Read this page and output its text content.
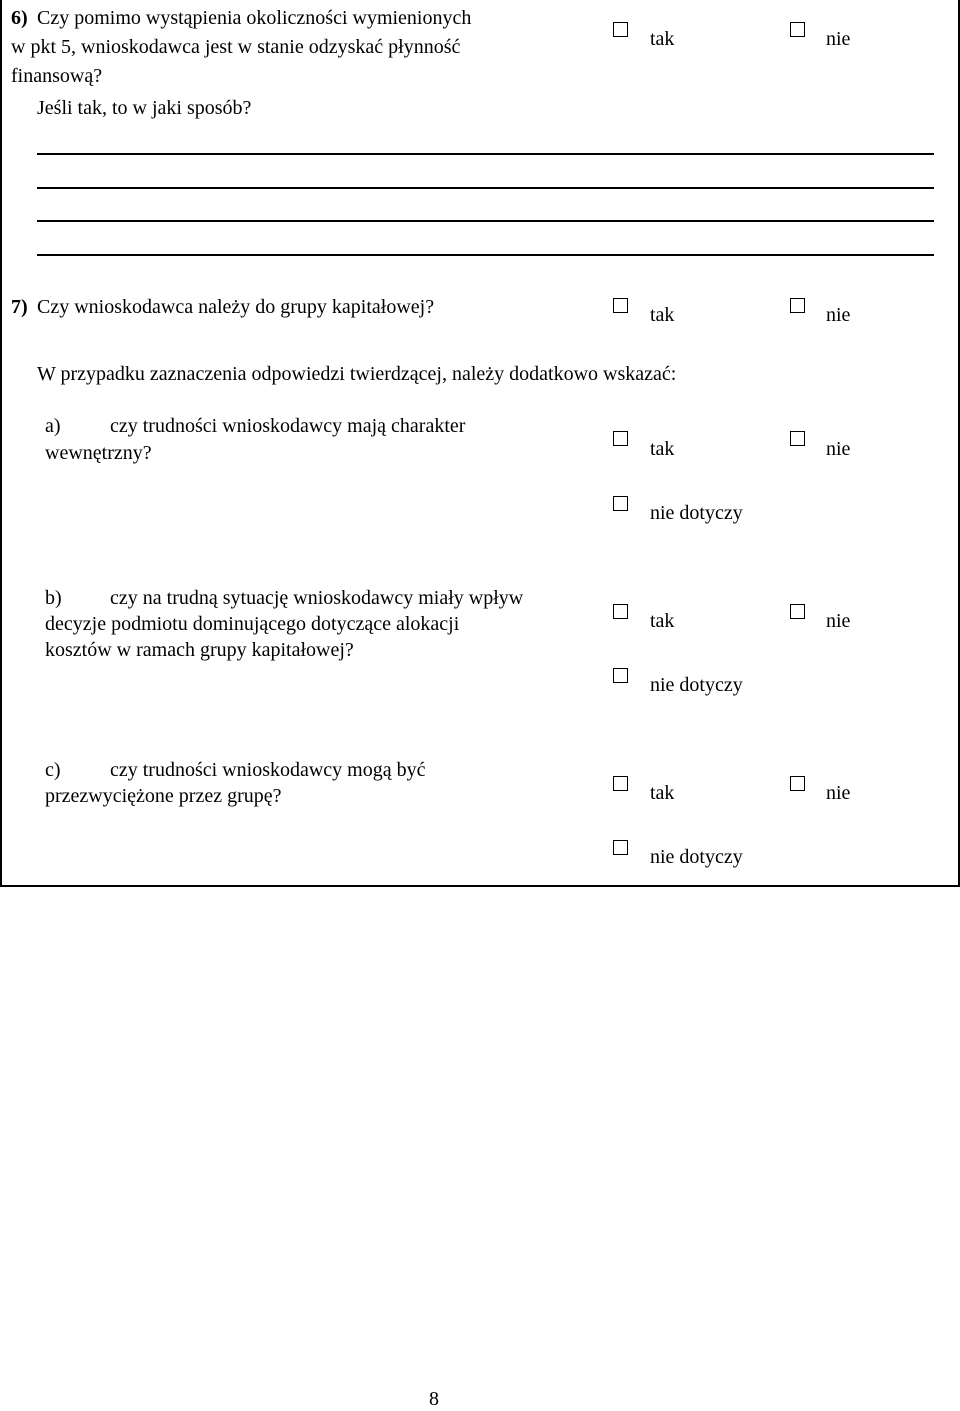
6) Czy pomimo wystąpienia okoliczności wymienionych
w pkt 5, wnioskodawca jest w stanie odzyskać płynność
finansową?
Jeśli tak, to w jaki sposób?
tak	nie
7) Czy wnioskodawca należy do grupy kapitałowej?	tak	nie
W przypadku zaznaczenia odpowiedzi twierdzącej, należy dodatkowo wskazać:
a) czy trudności wnioskodawcy mają charakter
wewnętrzny?	tak	nie
nie dotyczy
b) czy na trudną sytuację wnioskodawcy miały wpływ
decyzje podmiotu dominującego dotyczące alokacji
kosztów w ramach grupy kapitałowej?
tak	nie
nie dotyczy
c) czy trudności wnioskodawcy mogą być
przezwyciężone przez grupę?	tak	nie
nie dotyczy
8
